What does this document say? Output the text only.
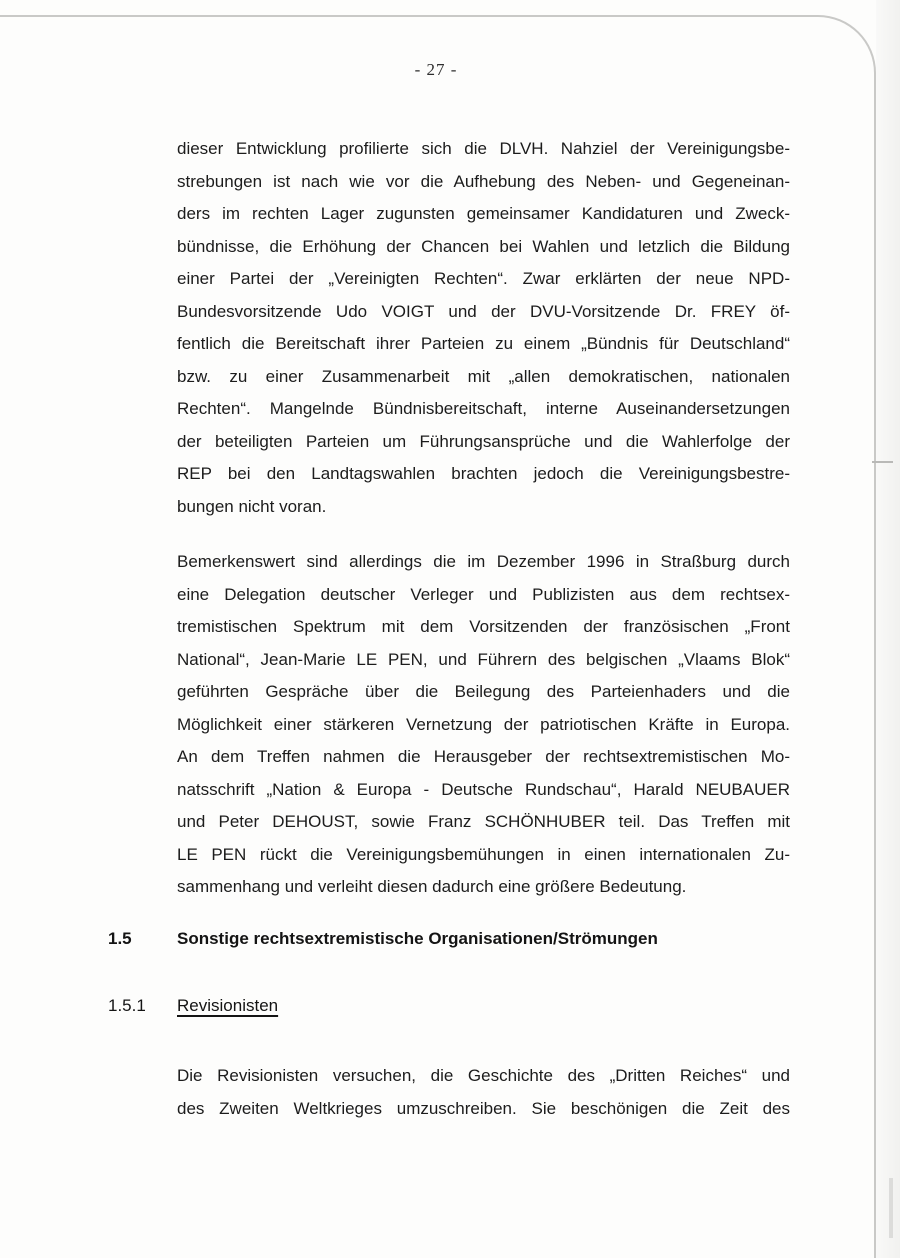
- 27 -
dieser Entwicklung profilierte sich die DLVH. Nahziel der Vereinigungsbe-
strebungen ist nach wie vor die Aufhebung des Neben- und Gegeneinan-
ders im rechten Lager zugunsten gemeinsamer Kandidaturen und Zweck-
bündnisse, die Erhöhung der Chancen bei Wahlen und letzlich die Bildung
einer Partei der „Vereinigten Rechten“. Zwar erklärten der neue NPD-
Bundesvorsitzende Udo VOIGT und der DVU-Vorsitzende Dr. FREY öf-
fentlich die Bereitschaft ihrer Parteien zu einem „Bündnis für Deutschland“
bzw. zu einer Zusammenarbeit mit „allen demokratischen, nationalen
Rechten“. Mangelnde Bündnisbereitschaft, interne Auseinandersetzungen
der beteiligten Parteien um Führungsansprüche und die Wahlerfolge der
REP bei den Landtagswahlen brachten jedoch die Vereinigungsbestre-
bungen nicht voran.
Bemerkenswert sind allerdings die im Dezember 1996 in Straßburg durch
eine Delegation deutscher Verleger und Publizisten aus dem rechtsex-
tremistischen Spektrum mit dem Vorsitzenden der französischen „Front
National“, Jean-Marie LE PEN, und Führern des belgischen „Vlaams Blok“
geführten Gespräche über die Beilegung des Parteienhaders und die
Möglichkeit einer stärkeren Vernetzung der patriotischen Kräfte in Europa.
An dem Treffen nahmen die Herausgeber der rechtsextremistischen Mo-
natsschrift „Nation & Europa - Deutsche Rundschau“, Harald NEUBAUER
und Peter DEHOUST, sowie Franz SCHÖNHUBER teil. Das Treffen mit
LE PEN rückt die Vereinigungsbemühungen in einen internationalen Zu-
sammenhang und verleiht diesen dadurch eine größere Bedeutung.
1.5	Sonstige rechtsextremistische Organisationen/Strömungen
1.5.1 Revisionisten
Die Revisionisten versuchen, die Geschichte des „Dritten Reiches“ und
des Zweiten Weltkrieges umzuschreiben. Sie beschönigen die Zeit des
